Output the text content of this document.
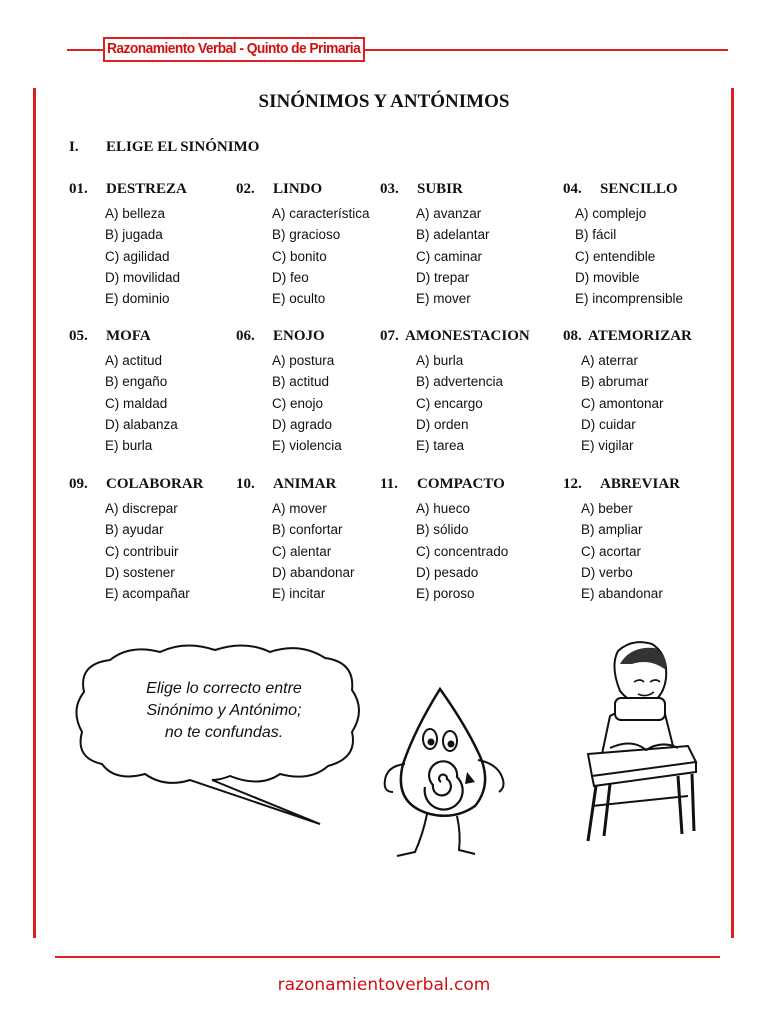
Razonamiento Verbal - Quinto de Primaria
SINÓNIMOS Y ANTÓNIMOS
I. ELIGE EL SINÓNIMO
01. DESTREZA
A) belleza
B) jugada
C) agilidad
D) movilidad
E) dominio
02. LINDO
A) característica
B) gracioso
C) bonito
D) feo
E) oculto
03. SUBIR
A) avanzar
B) adelantar
C) caminar
D) trepar
E) mover
04. SENCILLO
A) complejo
B) fácil
C) entendible
D) movible
E) incomprensible
05. MOFA
A) actitud
B) engaño
C) maldad
D) alabanza
E) burla
06. ENOJO
A) postura
B) actitud
C) enojo
D) agrado
E) violencia
07. AMONESTACION
A) burla
B) advertencia
C) encargo
D) orden
E) tarea
08. ATEMORIZAR
A) aterrar
B) abrumar
C) amontonar
D) cuidar
E) vigilar
09. COLABORAR
A) discrepar
B) ayudar
C) contribuir
D) sostener
E) acompañar
10. ANIMAR
A) mover
B) confortar
C) alentar
D) abandonar
E) incitar
11. COMPACTO
A) hueco
B) sólido
C) concentrado
D) pesado
E) poroso
12. ABREVIAR
A) beber
B) ampliar
C) acortar
D) verbo
E) abandonar
Elige lo correcto entre
Sinónimo y Antónimo;
no te confundas.
razonamientoverbal.com
